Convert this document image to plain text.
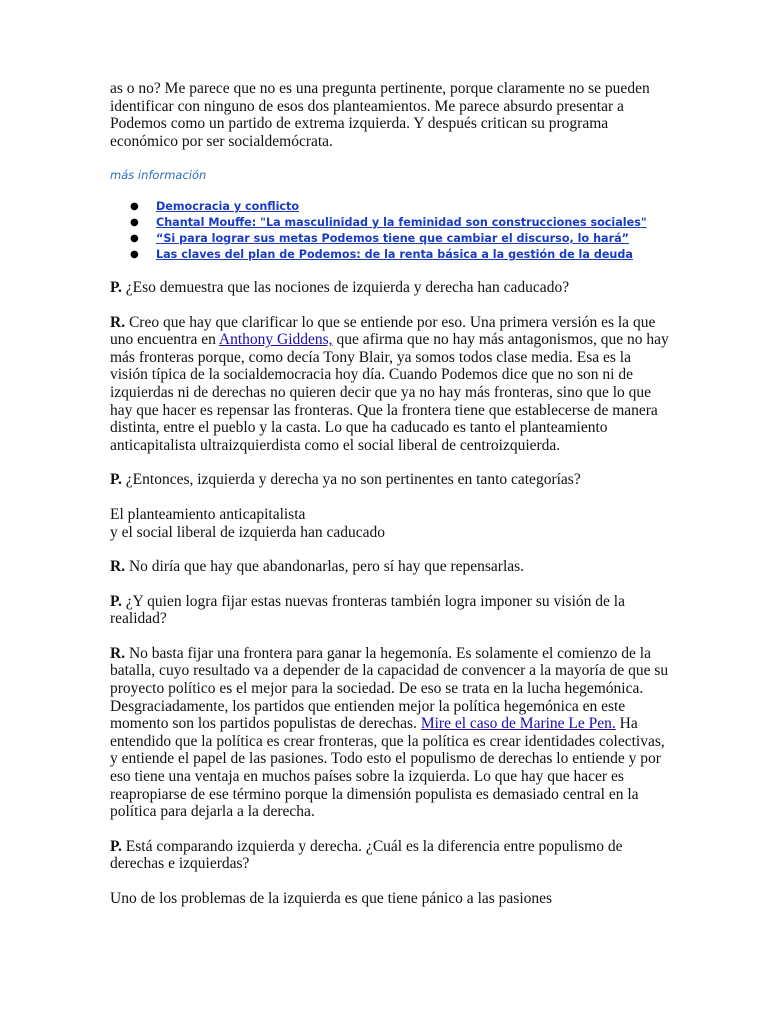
as o no? Me parece que no es una pregunta pertinente, porque claramente no se pueden identificar con ninguno de esos dos planteamientos. Me parece absurdo presentar a Podemos como un partido de extrema izquierda. Y después critican su programa económico por ser socialdemócrata.

más información
● Democracia y conflicto
● Chantal Mouffe: "La masculinidad y la feminidad son construcciones sociales"
● “Si para lograr sus metas Podemos tiene que cambiar el discurso, lo hará”
● Las claves del plan de Podemos: de la renta básica a la gestión de la deuda

P. ¿Eso demuestra que las nociones de izquierda y derecha han caducado?

R. Creo que hay que clarificar lo que se entiende por eso. Una primera versión es la que uno encuentra en Anthony Giddens, que afirma que no hay más antagonismos, que no hay más fronteras porque, como decía Tony Blair, ya somos todos clase media. Esa es la visión típica de la socialdemocracia hoy día. Cuando Podemos dice que no son ni de izquierdas ni de derechas no quieren decir que ya no hay más fronteras, sino que lo que hay que hacer es repensar las fronteras. Que la frontera tiene que establecerse de manera distinta, entre el pueblo y la casta. Lo que ha caducado es tanto el planteamiento anticapitalista ultraizquierdista como el social liberal de centroizquierda.

P. ¿Entonces, izquierda y derecha ya no son pertinentes en tanto categorías?

El planteamiento anticapitalista
y el social liberal de izquierda han caducado

R. No diría que hay que abandonarlas, pero sí hay que repensarlas.

P. ¿Y quien logra fijar estas nuevas fronteras también logra imponer su visión de la realidad?

R. No basta fijar una frontera para ganar la hegemonía. Es solamente el comienzo de la batalla, cuyo resultado va a depender de la capacidad de convencer a la mayoría de que su proyecto político es el mejor para la sociedad. De eso se trata en la lucha hegemónica. Desgraciadamente, los partidos que entienden mejor la política hegemónica en este momento son los partidos populistas de derechas. Mire el caso de Marine Le Pen. Ha entendido que la política es crear fronteras, que la política es crear identidades colectivas, y entiende el papel de las pasiones. Todo esto el populismo de derechas lo entiende y por eso tiene una ventaja en muchos países sobre la izquierda. Lo que hay que hacer es reapropiarse de ese término porque la dimensión populista es demasiado central en la política para dejarla a la derecha.

P. Está comparando izquierda y derecha. ¿Cuál es la diferencia entre populismo de derechas e izquierdas?

Uno de los problemas de la izquierda es que tiene pánico a las pasiones
